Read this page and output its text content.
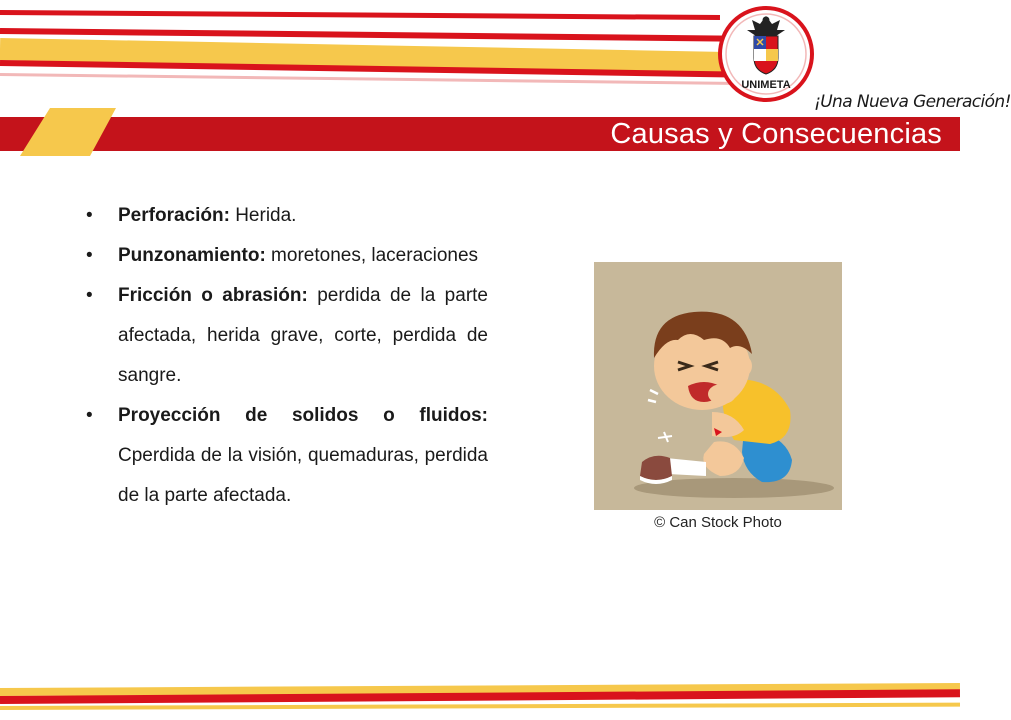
Causas y Consecuencias
UNIMETA
¡Una Nueva Generación!
• Perforación: Herida.
• Punzonamiento: moretones, laceraciones
• Fricción o abrasión: perdida de la parte afectada, herida grave, corte, perdida de sangre.
• Proyección de solidos o fluidos: Cperdida de la visión, quemaduras, perdida de la parte afectada.
© Can Stock Photo
